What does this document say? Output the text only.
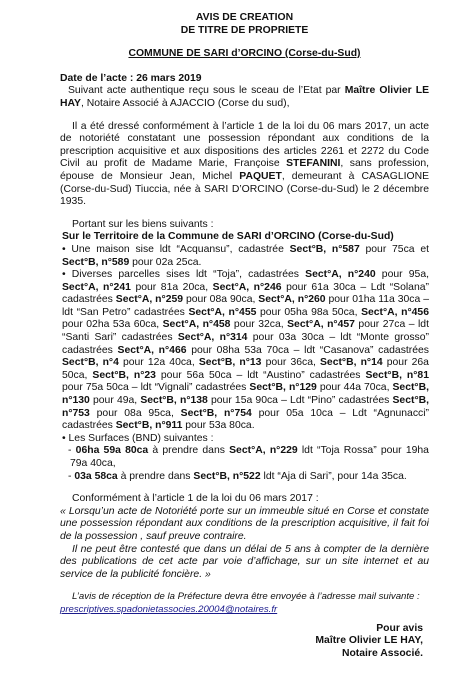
AVIS DE CREATION
DE TITRE DE PROPRIETE
COMMUNE DE SARI d’ORCINO (Corse-du-Sud)
Date de l’acte : 26 mars 2019

Suivant acte authentique reçu sous le sceau de l’Etat par Maître Olivier LE HAY, Notaire Associé à AJACCIO (Corse du sud),

Il a été dressé conformément à l’article 1 de la loi du 06 mars 2017, un acte de notoriété constatant une possession répondant aux conditions de la prescription acquisitive et aux dispositions des articles 2261 et 2272 du Code Civil au profit de Madame Marie, Françoise STEFANINI, sans profession, épouse de Monsieur Jean, Michel PAQUET, demeurant à CASAGLIONE (Corse-du-Sud) Tiuccia, née à SARI D’ORCINO (Corse-du-Sud) le 2 décembre 1935.

Portant sur les biens suivants :

Sur le Territoire de la Commune de SARI d’ORCINO (Corse-du-Sud)

• Une maison sise ldt “Acquansu”, cadastrée Sect°B, n°587 pour 75ca et Sect°B, n°589 pour 02a 25ca.

• Diverses parcelles sises ldt “Toja”, cadastrées Sect°A, n°240 pour 95a, Sect°A, n°241 pour 81a 20ca, Sect°A, n°246 pour 61a 30ca – Ldt “Solana” cadastrées Sect°A, n°259 pour 08a 90ca, Sect°A, n°260 pour 01ha 11a 30ca – ldt “San Petro” cadastrées Sect°A, n°455 pour 05ha 98a 50ca, Sect°A, n°456 pour 02ha 53a 60ca, Sect°A, n°458 pour 32ca, Sect°A, n°457 pour 27ca – ldt “Santi Sari” cadastrées Sect°A, n°314 pour 03a 30ca – ldt “Monte grosso” cadastrées Sect°A, n°466 pour 08ha 53a 70ca – ldt “Casanova” cadastrées Sect°B, n°4 pour 12a 40ca, Sect°B, n°13 pour 36ca, Sect°B, n°14 pour 26a 50ca, Sect°B, n°23 pour 56a 50ca – ldt “Austino” cadastrées Sect°B, n°81 pour 75a 50ca – ldt “Vignali” cadastrées Sect°B, n°129 pour 44a 70ca, Sect°B, n°130 pour 49a, Sect°B, n°138 pour 15a 90ca – Ldt “Pino” cadastrées Sect°B, n°753 pour 08a 95ca, Sect°B, n°754 pour 05a 10ca – Ldt “Agnunacci” cadastrées Sect°B, n°911 pour 53a 80ca.

• Les Surfaces (BND) suivantes :

- 06ha 59a 80ca à prendre dans Sect°A, n°229 ldt “Toja Rossa” pour 19ha 79a 40ca,

- 03a 58ca à prendre dans Sect°B, n°522 ldt “Aja di Sari”, pour 14a 35ca.

Conformément à l’article 1 de la loi du 06 mars 2017 :

« Lorsqu’un acte de Notoriété porte sur un immeuble situé en Corse et constate une possession répondant aux conditions de la prescription acquisitive, il fait foi de la possession , sauf preuve contraire.

Il ne peut être contesté que dans un délai de 5 ans à compter de la dernière des publications de cet acte par voie d’affichage, sur un site internet et au service de la publicité foncière. »

L’avis de réception de la Préfecture devra être envoyée à l’adresse mail suivante :

prescriptives.spadonietassocies.20004@notaires.fr

Pour avis
Maître Olivier LE HAY,
Notaire Associé.
